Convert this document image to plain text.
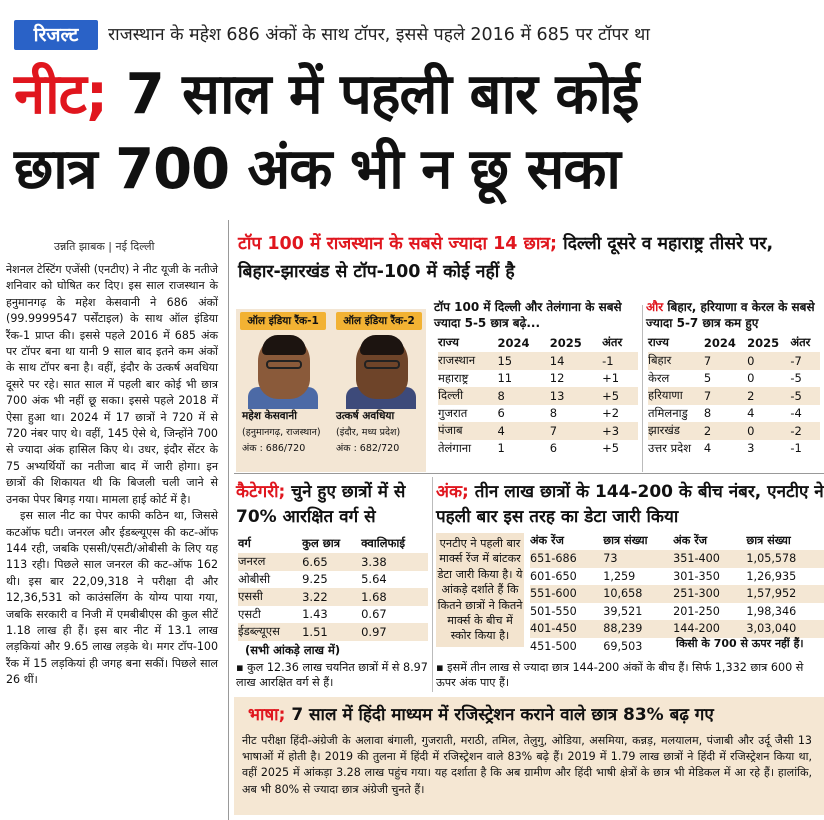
रिजल्ट	राजस्थान के महेश 686 अंकों के साथ टॉपर, इससे पहले 2016 में 685 पर टॉपर था
नीट; 7 साल में पहली बार कोई
छात्र 700 अंक भी न छू सका
उन्नति झाबक | नई दिल्ली

नेशनल टेस्टिंग एजेंसी (एनटीए) ने नीट यूजी के नतीजे शनिवार को घोषित कर दिए। इस साल राजस्थान के हनुमानगढ़ के महेश केसवानी ने 686 अंकों (99.9999547 पर्सेंटाइल) के साथ ऑल इंडिया रैंक-1 प्राप्त की। इससे पहले 2016 में 685 अंक पर टॉपर बना था यानी 9 साल बाद इतने कम अंकों के साथ टॉपर बना है। वहीं, इंदौर के उत्कर्ष अवधिया दूसरे पर रहे। सात साल में पहली बार कोई भी छात्र 700 अंक भी नहीं छू सका। इससे पहले 2018 में ऐसा हुआ था। 2024 में 17 छात्रों ने 720 में से 720 नंबर पाए थे। वहीं, 145 ऐसे थे, जिन्होंने 700 से ज्यादा अंक हासिल किए थे। उधर, इंदौर सेंटर के 75 अभ्यर्थियों का नतीजा बाद में जारी होगा। इन छात्रों की शिकायत थी कि बिजली चली जाने से उनका पेपर बिगड़ गया। मामला हाई कोर्ट में है।

इस साल नीट का पेपर काफी कठिन था, जिससे कटऑफ घटी। जनरल और ईडब्ल्यूएस की कट-ऑफ 144 रही, जबकि एससी/एसटी/ओबीसी के लिए यह 113 रही। पिछले साल जनरल की कट-ऑफ 162 थी। इस बार 22,09,318 ने परीक्षा दी और 12,36,531 को काउंसलिंग के योग्य पाया गया, जबकि सरकारी व निजी में एमबीबीएस की कुल सीटें 1.18 लाख ही हैं। इस बार नीट में 13.1 लाख लड़कियां और 9.65 लाख लड़के थे। मगर टॉप-100 रैंक में 15 लड़कियां ही जगह बना सकीं। पिछले साल 26 थीं।

टॉप 100 में राजस्थान के सबसे ज्यादा 14 छात्र; दिल्ली दूसरे व महाराष्ट्र तीसरे पर, बिहार-झारखंड से टॉप-100 में कोई नहीं है
ऑल इंडिया रैंक-1	ऑल इंडिया रैंक-2
महेश केसवानी
(हनुमानगढ़, राजस्थान)
अंक : 686/720
उत्कर्ष अवधिया
(इंदौर, मध्य प्रदेश)
अंक : 682/720
टॉप 100 में दिल्ली और तेलंगाना के सबसे ज्यादा 5-5 छात्र बढ़े...
राज्य	2024	2025	अंतर
राजस्थान	15	14	-1
महाराष्ट्र	11	12	+1
दिल्ली	8	13	+5
गुजरात	6	8	+2
पंजाब	4	7	+3
तेलंगाना	1	6	+5
और बिहार, हरियाणा व केरल के सबसे ज्यादा 5-7 छात्र कम हुए
राज्य	2024	2025	अंतर
बिहार	7	0	-7
केरल	5	0	-5
हरियाणा	7	2	-5
तमिलनाडु	8	4	-4
झारखंड	2	0	-2
उत्तर प्रदेश	4	3	-1
कैटेगरी; चुने हुए छात्रों में से 70% आरक्षित वर्ग से
वर्ग	कुल छात्र	क्वालिफाई
जनरल	6.65	3.38
ओबीसी	9.25	5.64
एससी	3.22	1.68
एसटी	1.43	0.67
ईडब्ल्यूएस	1.51	0.97
(सभी आंकड़े लाख में)
▪ कुल 12.36 लाख चयनित छात्रों में से 8.97 लाख आरक्षित वर्ग से हैं।
अंक; तीन लाख छात्रों के 144-200 के बीच नंबर, एनटीए ने पहली बार इस तरह का डेटा जारी किया
एनटीए ने पहली बार मार्क्स रेंज में बांटकर डेटा जारी किया है। ये आंकड़े दर्शाते हैं कि कितने छात्रों ने कितने मार्क्स के बीच में स्कोर किया है।
अंक रेंज	छात्र संख्या	अंक रेंज	छात्र संख्या
651-686	73	351-400	1,05,578
601-650	1,259	301-350	1,26,935
551-600	10,658	251-300	1,57,952
501-550	39,521	201-250	1,98,346
401-450	88,239	144-200	3,03,040
451-500	69,503			किसी के 700 से ऊपर नहीं हैं।
▪ इसमें तीन लाख से ज्यादा छात्र 144-200 अंकों के बीच हैं। सिर्फ 1,332 छात्र 600 से ऊपर अंक पाए हैं।
भाषा; 7 साल में हिंदी माध्यम में रजिस्ट्रेशन कराने वाले छात्र 83% बढ़ गए
नीट परीक्षा हिंदी-अंग्रेजी के अलावा बंगाली, गुजराती, मराठी, तमिल, तेलुगु, ओडिया, असमिया, कन्नड़, मलयालम, पंजाबी और उर्दू जैसी 13 भाषाओं में होती है। 2019 की तुलना में हिंदी में रजिस्ट्रेशन वाले 83% बढ़े हैं। 2019 में 1.79 लाख छात्रों ने हिंदी में रजिस्ट्रेशन किया था, वहीं 2025 में आंकड़ा 3.28 लाख पहुंच गया। यह दर्शाता है कि अब ग्रामीण और हिंदी भाषी क्षेत्रों के छात्र भी मेडिकल में आ रहे हैं। हालांकि, अब भी 80% से ज्यादा छात्र अंग्रेजी चुनते हैं।
